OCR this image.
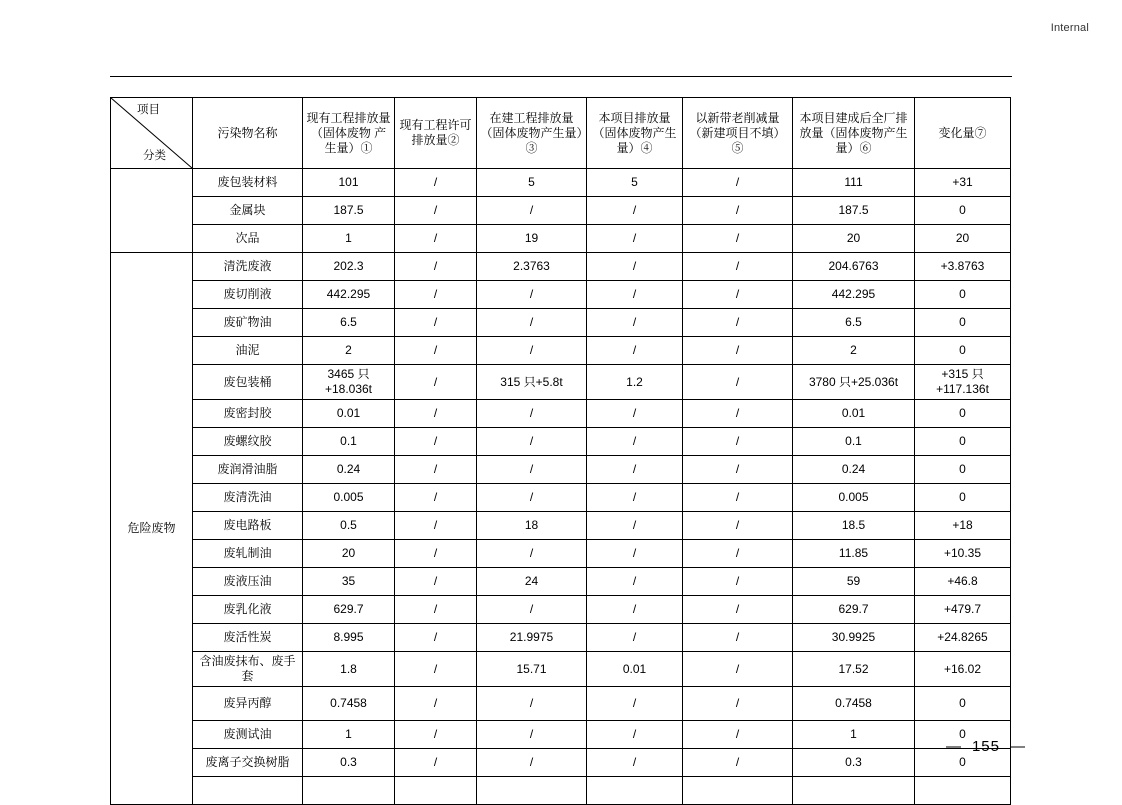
Internal
项目
分类	污染物名称	现有工程排放量（固体废物 产生量）①	现有工程许可排放量②	在建工程排放量（固体废物产生量）③	本项目排放量（固体废物产生量）④	以新带老削减量（新建项目不填）⑤	本项目建成后全厂排放量（固体废物产生量）⑥	变化量⑦
	废包装材料	101	/	5	5	/	111	+31
	金属块	187.5	/	/	/	/	187.5	0
	次品	1	/	19	/	/	20	20
危险废物	清洗废液	202.3	/	2.3763	/	/	204.6763	+3.8763
	废切削液	442.295	/	/	/	/	442.295	0
	废矿物油	6.5	/	/	/	/	6.5	0
	油泥	2	/	/	/	/	2	0
	废包装桶	3465 只
+18.036t	/	315 只+5.8t	1.2	/	3780 只+25.036t	+315 只
+117.136t
	废密封胶	0.01	/	/	/	/	0.01	0
	废螺纹胶	0.1	/	/	/	/	0.1	0
	废润滑油脂	0.24	/	/	/	/	0.24	0
	废清洗油	0.005	/	/	/	/	0.005	0
	废电路板	0.5	/	18	/	/	18.5	+18
	废轧制油	20	/	/	/	/	11.85	+10.35
	废液压油	35	/	24	/	/	59	+46.8
	废乳化液	629.7	/	/	/	/	629.7	+479.7
	废活性炭	8.995	/	21.9975	/	/	30.9925	+24.8265
	含油废抹布、废手套	1.8	/	15.71	0.01	/	17.52	+16.02
	废异丙醇	0.7458	/	/	/	/	0.7458	0
	废测试油	1	/	/	/	/	1	0
	废离子交换树脂	0.3	/	/	/	/	0.3	0

— 155 —
